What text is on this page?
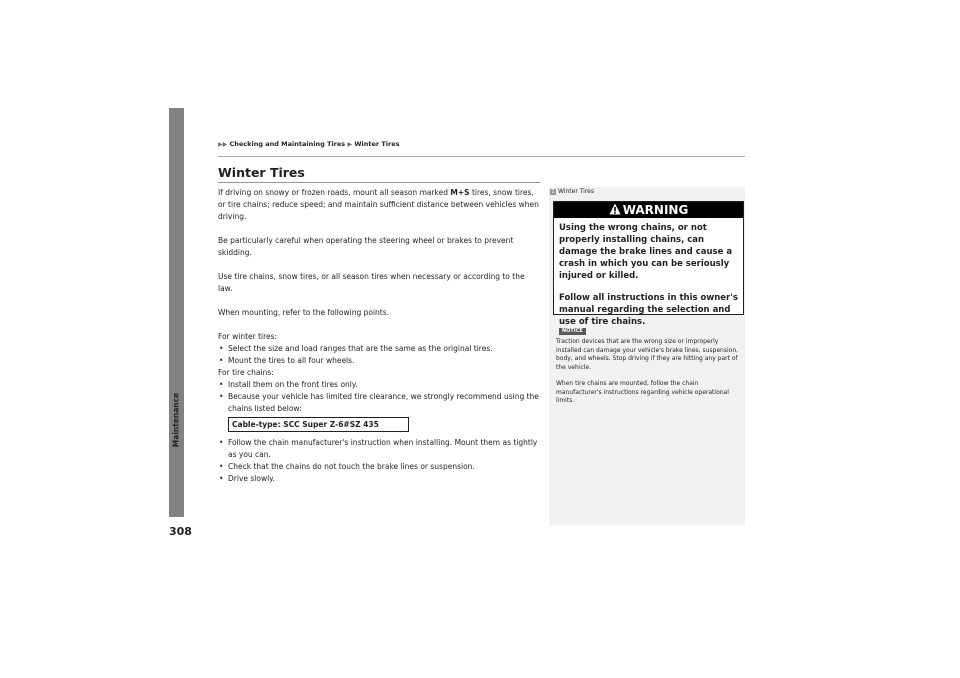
Maintenance
308
▶▶ Checking and Maintaining Tires ▶ Winter Tires
Winter Tires

If driving on snowy or frozen roads, mount all season marked M+S tires, snow tires, or tire chains; reduce speed; and maintain sufficient distance between vehicles when driving.

Be particularly careful when operating the steering wheel or brakes to prevent skidding.

Use tire chains, snow tires, or all season tires when necessary or according to the law.

When mounting, refer to the following points.

For winter tires:

• Select the size and load ranges that are the same as the original tires.
• Mount the tires to all four wheels.

For tire chains:

• Install them on the front tires only.
• Because your vehicle has limited tire clearance, we strongly recommend using the chains listed below:
Cable-type: SCC Super Z-6#SZ 435
• Follow the chain manufacturer's instruction when installing. Mount them as tightly as you can.
• Check that the chains do not touch the brake lines or suspension.
• Drive slowly.
1 Winter Tires
WARNING

Using the wrong chains, or not properly installing chains, can damage the brake lines and cause a crash in which you can be seriously injured or killed.

Follow all instructions in this owner's manual regarding the selection and use of tire chains.

NOTICE

Traction devices that are the wrong size or improperly installed can damage your vehicle's brake lines, suspension, body, and wheels. Stop driving if they are hitting any part of the vehicle.

When tire chains are mounted, follow the chain manufacturer's instructions regarding vehicle operational limits.
